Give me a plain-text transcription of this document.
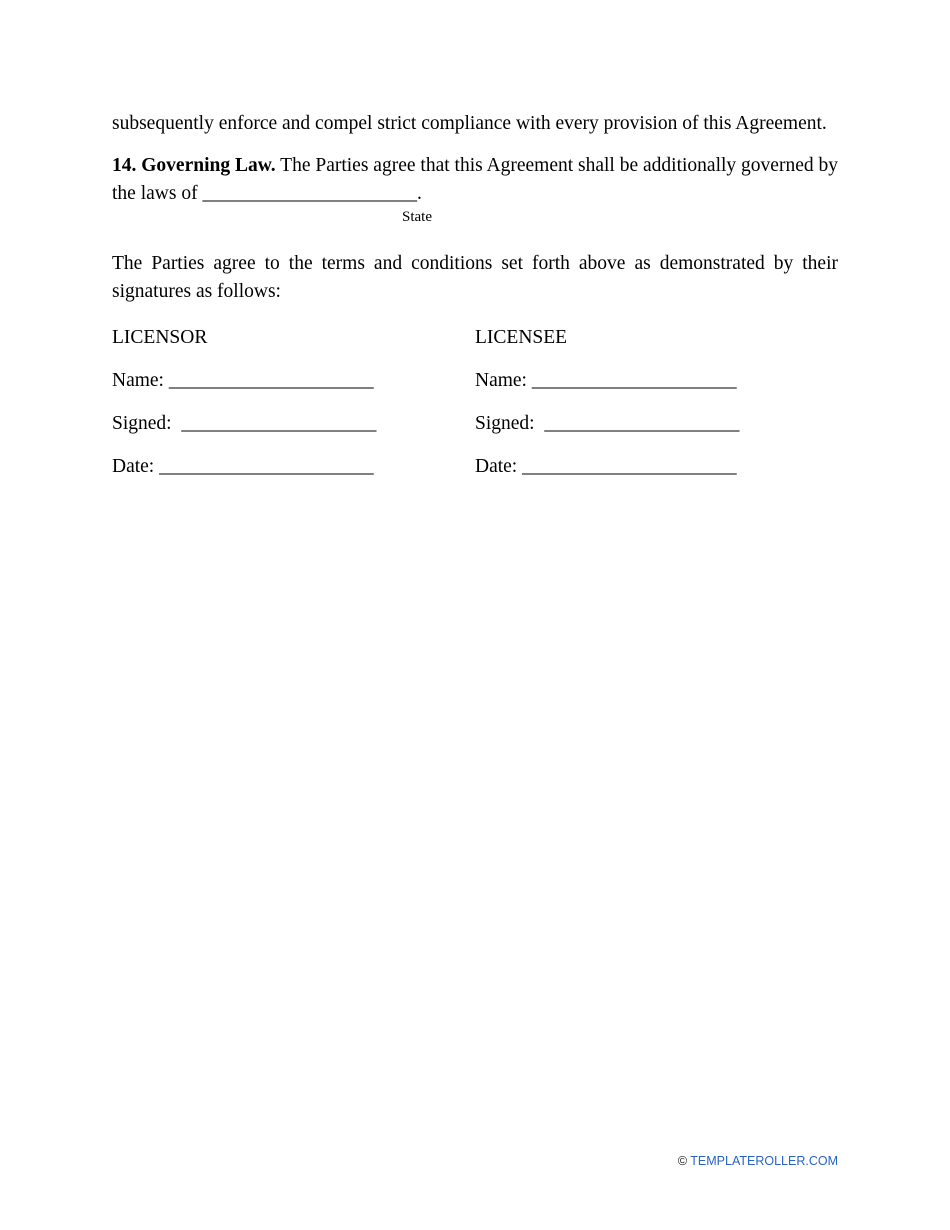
subsequently enforce and compel strict compliance with every provision of this Agreement.

14. Governing Law. The Parties agree that this Agreement shall be additionally governed by the laws of ______________________.

State

The Parties agree to the terms and conditions set forth above as demonstrated by their signatures as follows:

LICENSOR
Name: _____________________
Signed:  ____________________
Date: ______________________
LICENSEE
Name: _____________________
Signed:  ____________________
Date: ______________________
© TEMPLATEROLLER.COM
